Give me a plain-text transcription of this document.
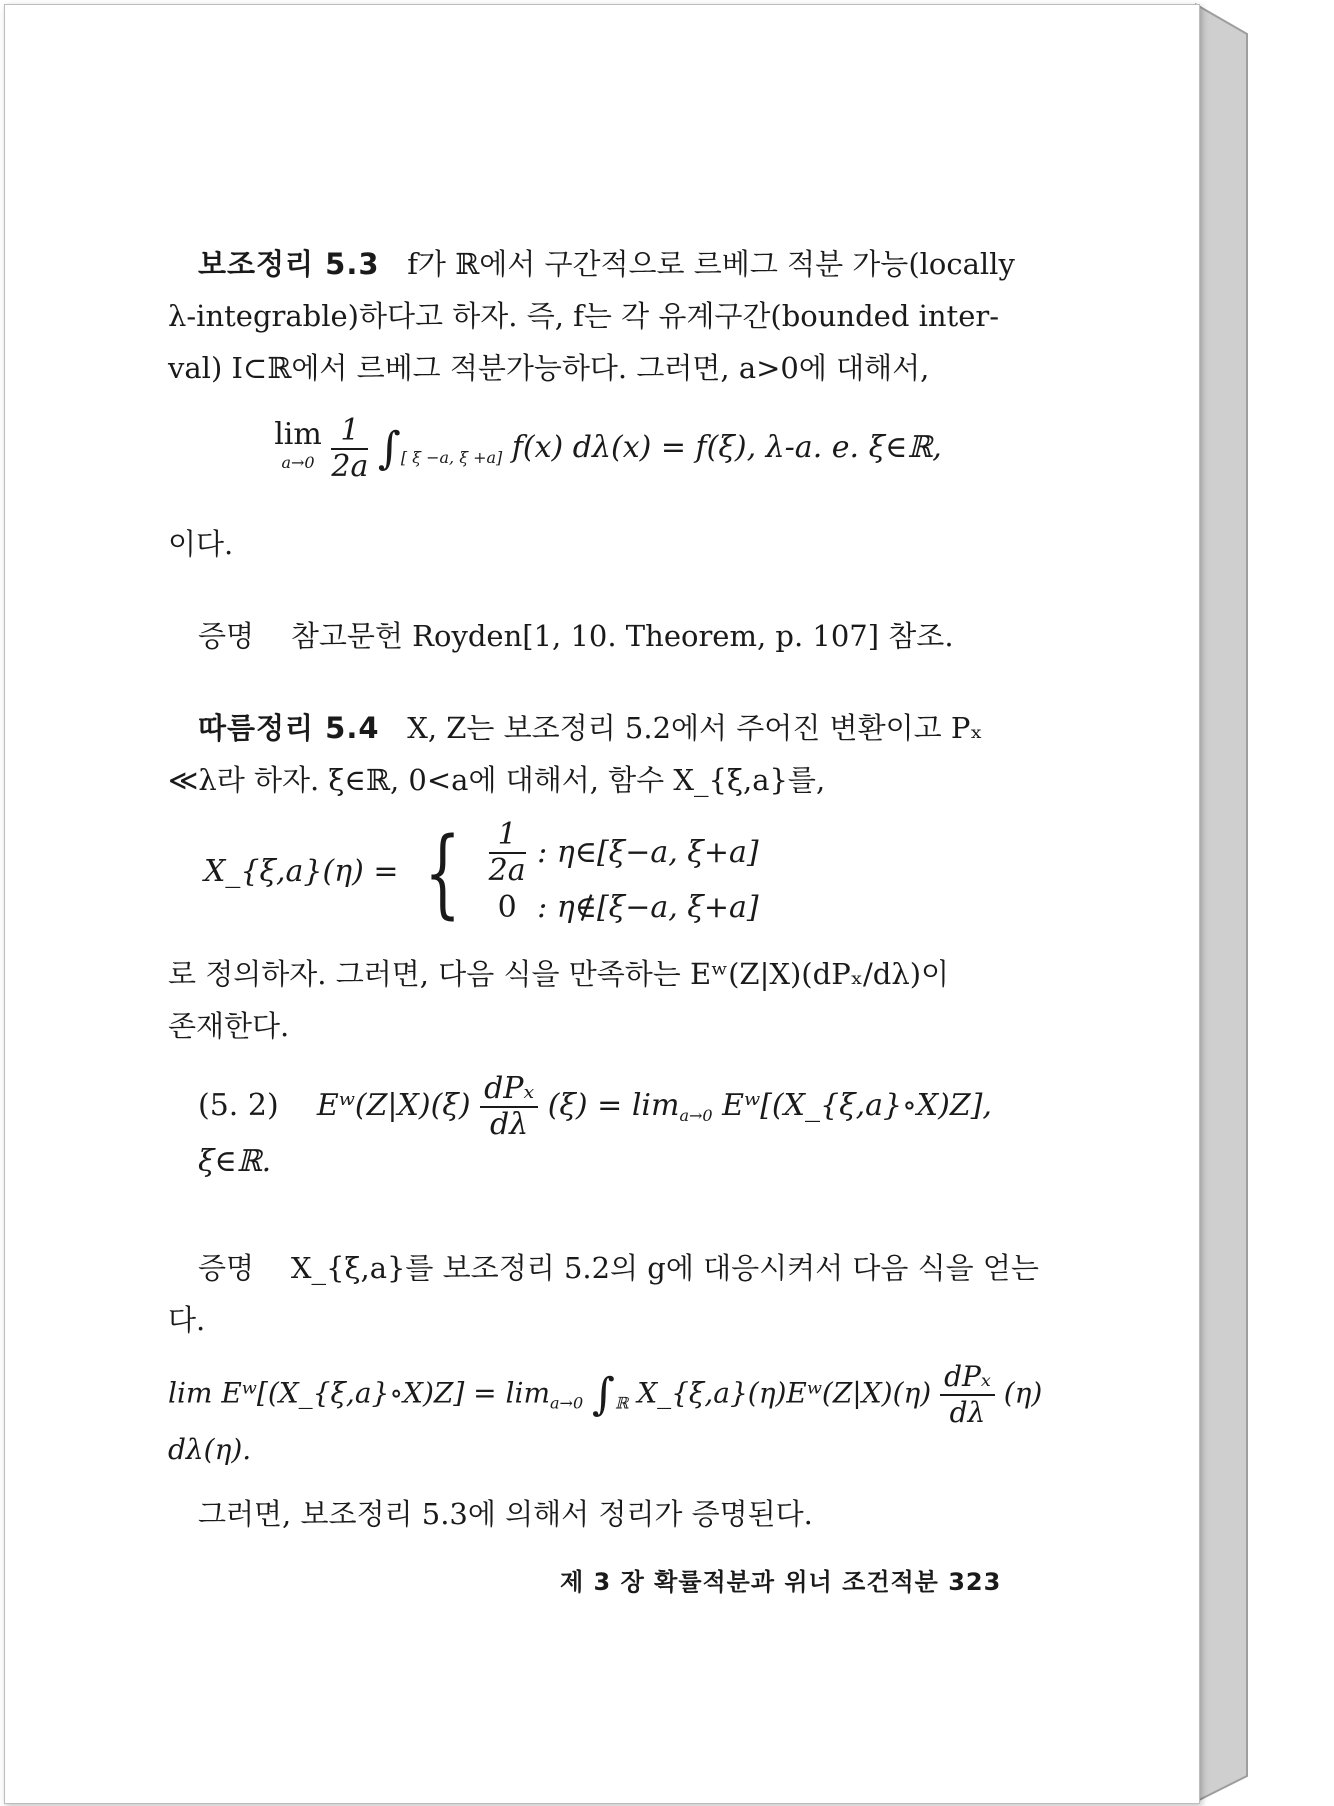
보조정리 5.3 f가 ℝ에서 구간적으로 르베그 적분 가능(locally

λ-integrable)하다고 하자. 즉, f는 각 유계구간(bounded inter-

val) I⊂ℝ에서 르베그 적분가능하다. 그러면, a>0에 대해서,

lim
a→0
$\frac{1}{2a} \int_{[ \xi -a, \xi +a]}$ f(x) dλ(x) = f(ξ), λ-a. e. ξ∈ℝ,

이다.

증명 참고문헌 Royden[1, 10. Theorem, p. 107] 참조.

따름정리 5.4 X, Z는 보조정리 5.2에서 주어진 변환이고 Pₓ

≪λ라 하자. ξ∈ℝ, 0<a에 대해서, 함수 X_{ξ,a}를,

X_{ξ,a}(η) = { $\frac{1}{2a}$ : η∈[ξ−a, ξ+a]
0 : η∉[ξ−a, ξ+a]

로 정의하자. 그러면, 다음 식을 만족하는 Eʷ(Z|X)(dPₓ/dλ)이

존재한다.

(5. 2) Eʷ(Z|X)(ξ) $\frac{\text{dPₓ}}{d\lambda} (\xi) = \lim_{a\to 0}$ Eʷ[(X_{ξ,a}∘X)Z], ξ∈ℝ.

증명 X_{ξ,a}를 보조정리 5.2의 g에 대응시켜서 다음 식을 얻는

다.

lim Eʷ[(X_{ξ,a}∘X)Z] = $\lim_{a\to 0} \int_ℝ$ X_{ξ,a}(η)Eʷ(Z|X)(η) $\frac{\text{dPₓ}}{d\lambda} (\eta)$ dλ(η).

그러면, 보조정리 5.3에 의해서 정리가 증명된다.

제 3 장 확률적분과 위너 조건적분 323
